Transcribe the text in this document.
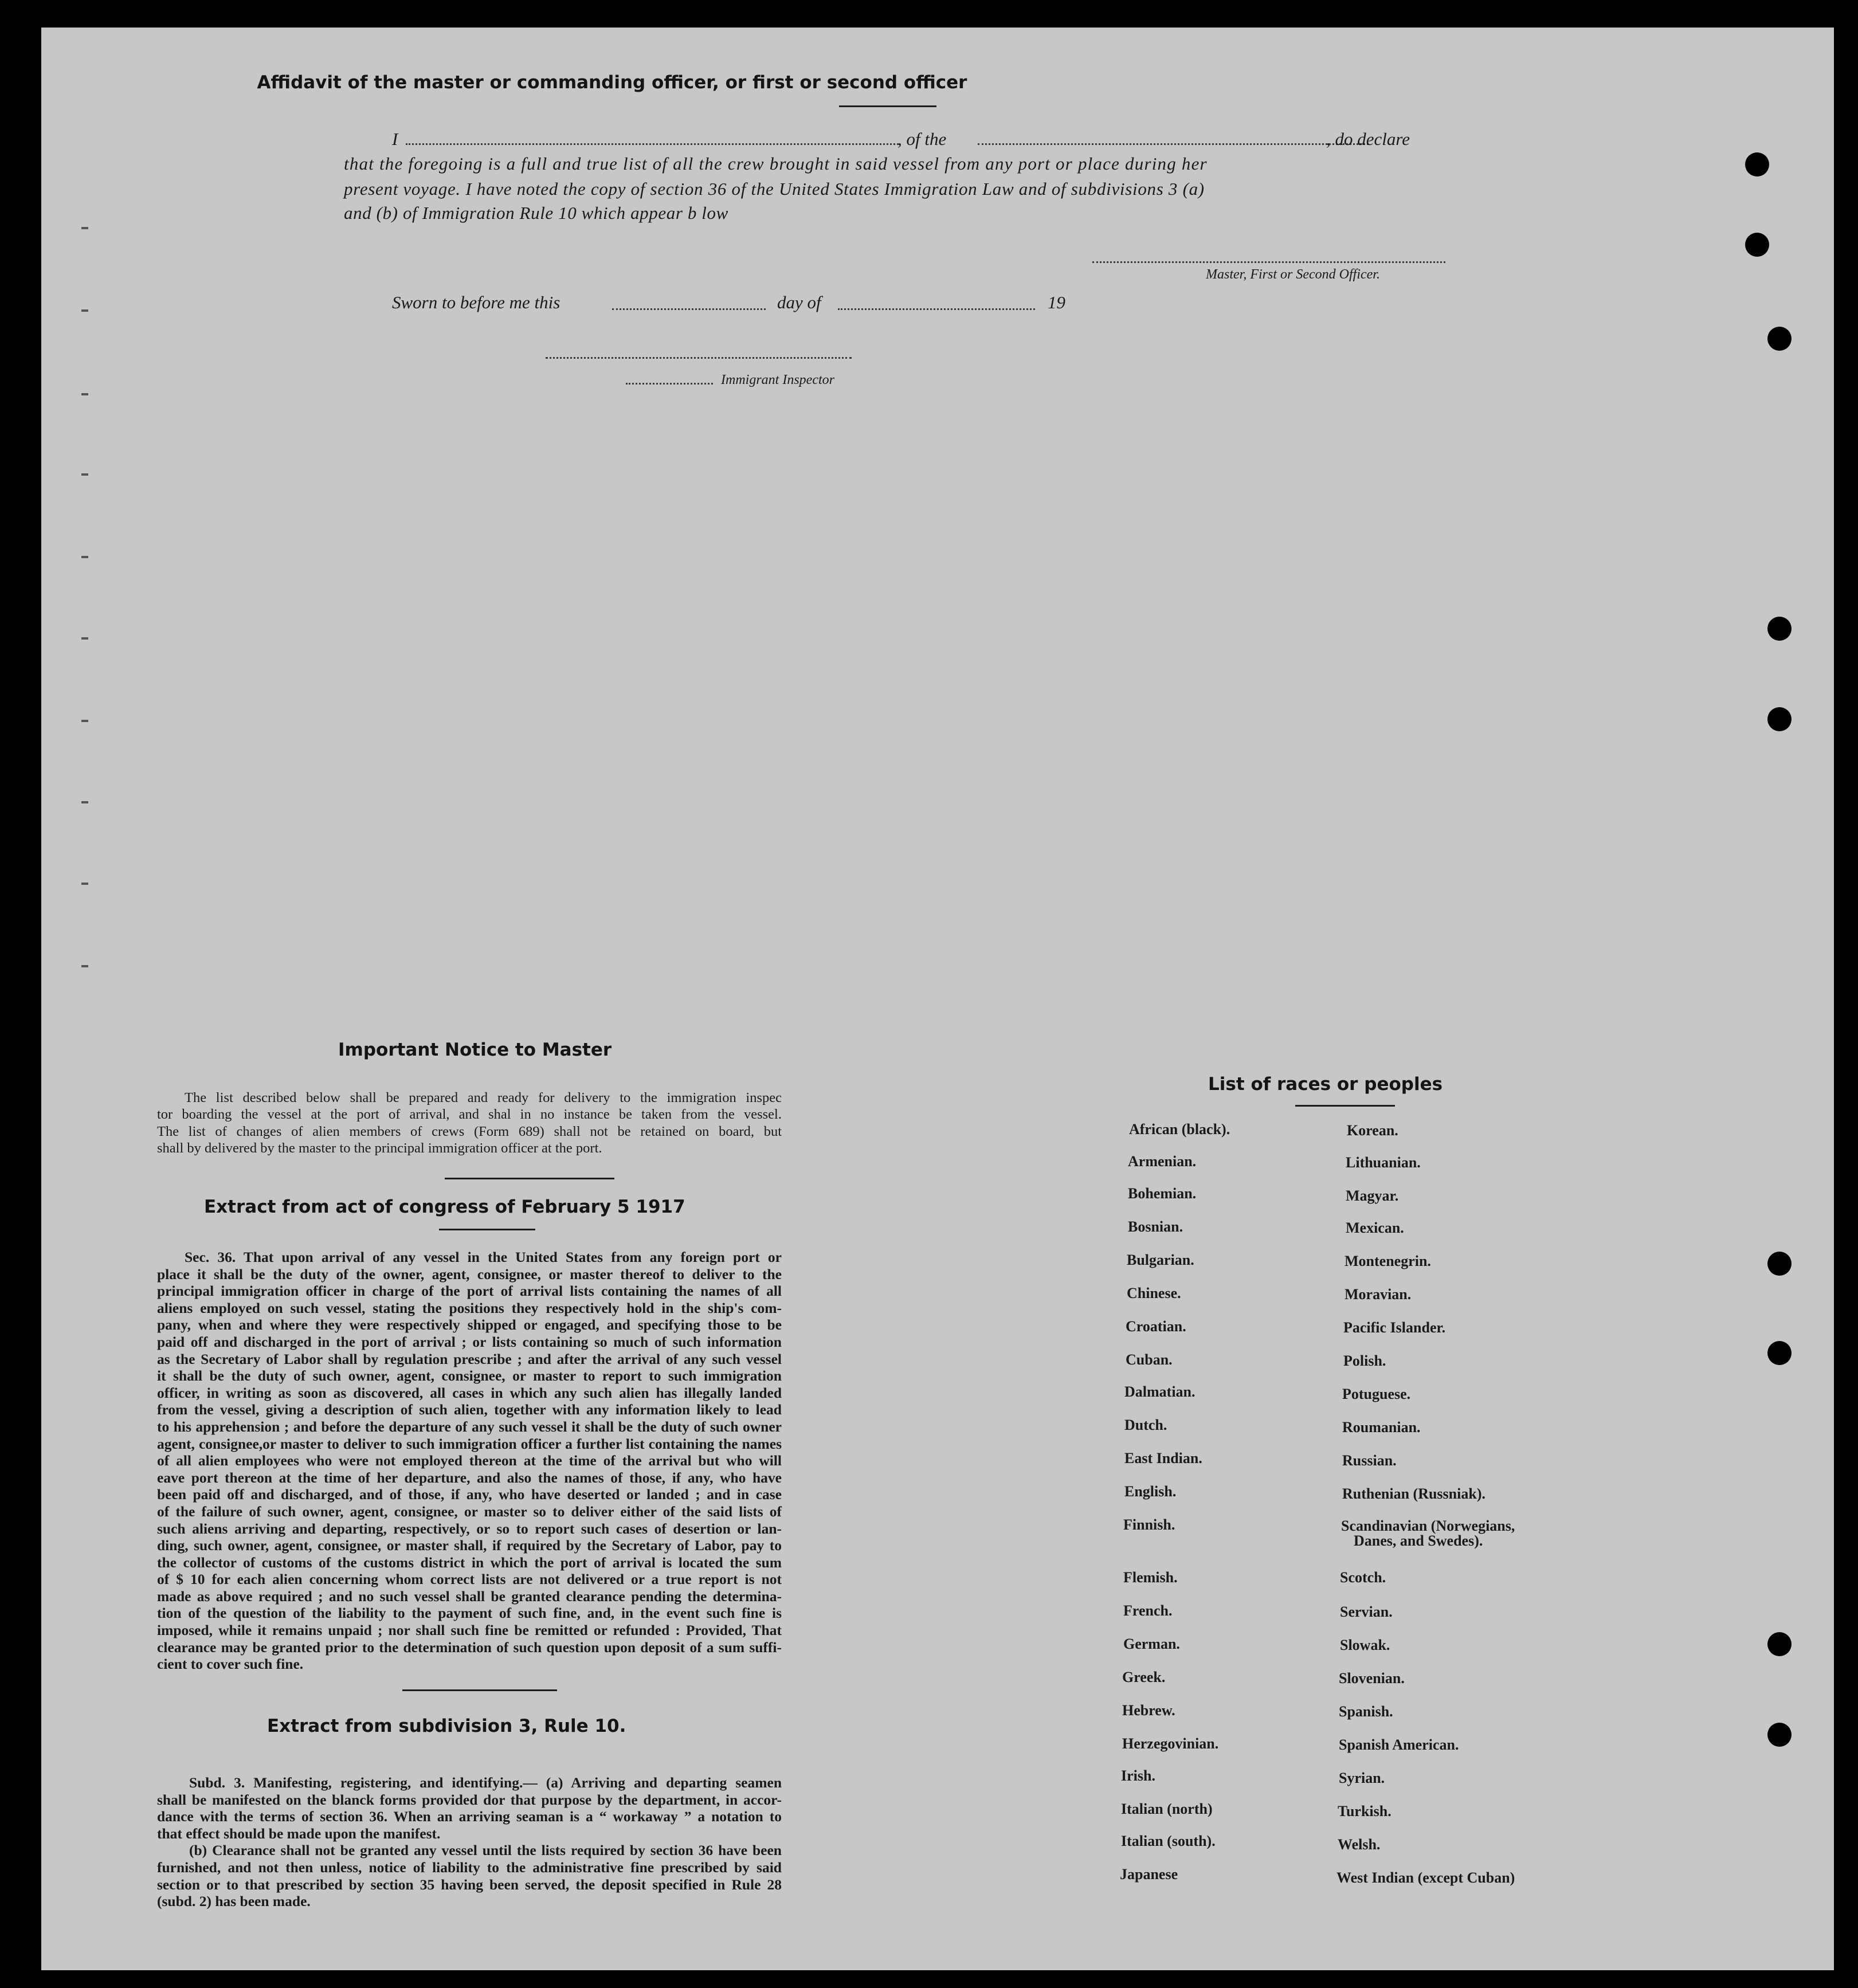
Affidavit of the master or commanding officer, or first or second officer
I	, of the	, do declare
that the foregoing is a full and true list of all the crew brought in said vessel from any port or place during her
present voyage. I have noted the copy of section 36 of the United States Immigration Law and of subdivisions 3 (a)
and (b) of Immigration Rule 10 which appear b low
Master, First or Second Officer.
Sworn to before me this	day of	19
Immigrant Inspector
Important Notice to Master
The list described below shall be prepared and ready for delivery to the immigration inspec
tor boarding the vessel at the port of arrival, and shal in no instance be taken from the vessel.
The list of changes of alien members of crews (Form 689) shall not be retained on board, but
shall by delivered by the master to the principal immigration officer at the port.
Extract from act of congress of February 5 1917
Sec. 36. That upon arrival of any vessel in the United States from any foreign port or
place it shall be the duty of the owner, agent, consignee, or master thereof to deliver to the
principal immigration officer in charge of the port of arrival lists containing the names of all
aliens employed on such vessel, stating the positions they respectively hold in the ship's com-
pany, when and where they were respectively shipped or engaged, and specifying those to be
paid off and discharged in the port of arrival ; or lists containing so much of such information
as the Secretary of Labor shall by regulation prescribe ; and after the arrival of any such vessel
it shall be the duty of such owner, agent, consignee, or master to report to such immigration
officer, in writing as soon as discovered, all cases in which any such alien has illegally landed
from the vessel, giving a description of such alien, together with any information likely to lead
to his apprehension ; and before the departure of any such vessel it shall be the duty of such owner
agent, consignee,or master to deliver to such immigration officer a further list containing the names
of all alien employees who were not employed thereon at the time of the arrival but who will
eave port thereon at the time of her departure, and also the names of those, if any, who have
been paid off and discharged, and of those, if any, who have deserted or landed ; and in case
of the failure of such owner, agent, consignee, or master so to deliver either of the said lists of
such aliens arriving and departing, respectively, or so to report such cases of desertion or lan-
ding, such owner, agent, consignee, or master shall, if required by the Secretary of Labor, pay to
the collector of customs of the customs district in which the port of arrival is located the sum
of $ 10 for each alien concerning whom correct lists are not delivered or a true report is not
made as above required ; and no such vessel shall be granted clearance pending the determina-
tion of the question of the liability to the payment of such fine, and, in the event such fine is
imposed, while it remains unpaid ; nor shall such fine be remitted or refunded : Provided, That
clearance may be granted prior to the determination of such question upon deposit of a sum suffi-
cient to cover such fine.
Extract from subdivision 3, Rule 10.
Subd. 3. Manifesting, registering, and identifying.— (a) Arriving and departing seamen
shall be manifested on the blanck forms provided dor that purpose by the department, in accor-
dance with the terms of section 36. When an arriving seaman is a “ workaway ” a notation to
that effect should be made upon the manifest.
(b) Clearance shall not be granted any vessel until the lists required by section 36 have been
furnished, and not then unless, notice of liability to the administrative fine prescribed by said
section or to that prescribed by section 35 having been served, the deposit specified in Rule 28
(subd. 2) has been made.
List of races or peoples
African (black).
Armenian.
Bohemian.
Bosnian.
Bulgarian.
Chinese.
Croatian.
Cuban.
Dalmatian.
Dutch.
East Indian.
English.
Finnish.
Flemish.
French.
German.
Greek.
Hebrew.
Herzegovinian.
Irish.
Italian (north)
Italian (south).
Japanese
Korean.
Lithuanian.
Magyar.
Mexican.
Montenegrin.
Moravian.
Pacific Islander.
Polish.
Potuguese.
Roumanian.
Russian.
Ruthenian (Russniak).
Scandinavian (Norwegians,
Danes, and Swedes).
Scotch.
Servian.
Slowak.
Slovenian.
Spanish.
Spanish American.
Syrian.
Turkish.
Welsh.
West Indian (except Cuban)
